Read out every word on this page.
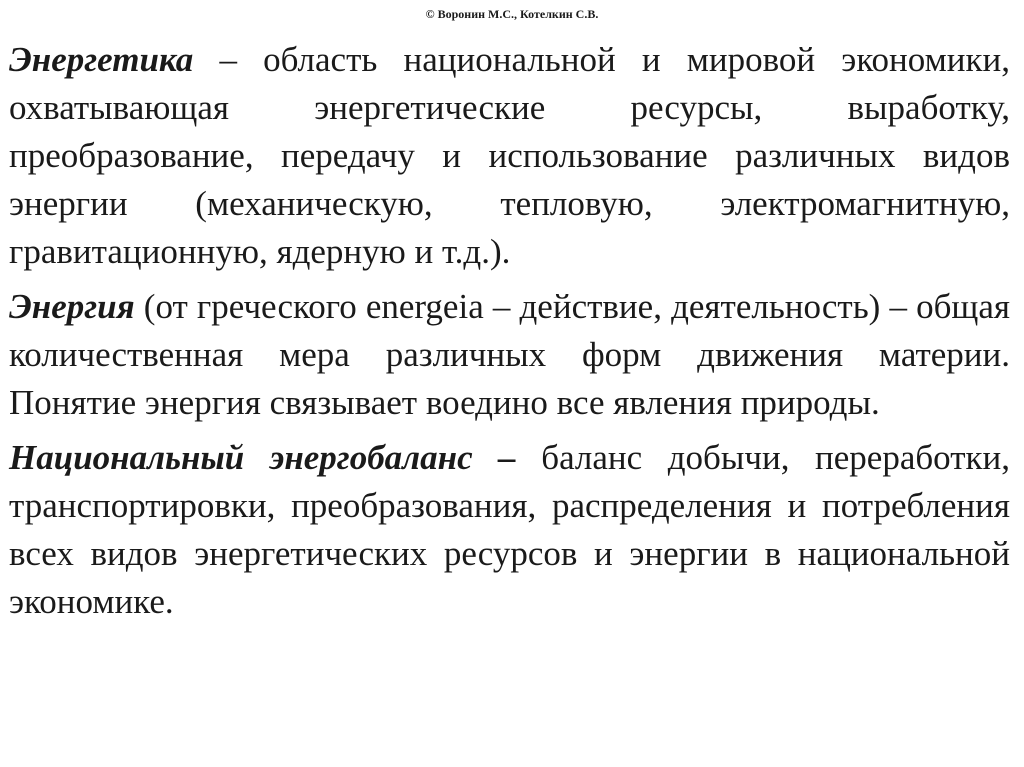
© Воронин М.С., Котелкин С.В.

Энергетика – область национальной и мировой экономики, охватывающая энергетические ресурсы, выработку, преобразование, передачу и использование различных видов энергии (механическую, тепловую, электромагнитную, гравитационную, ядерную и т.д.).

Энергия (от греческого energeia – действие, деятельность) – общая количественная мера различных форм движения материи. Понятие энергия связывает воедино все явления природы.

Национальный энергобаланс – баланс добычи, переработки, транспортировки, преобразования, распределения и потребления всех видов энергетических ресурсов и энергии в национальной экономике.
